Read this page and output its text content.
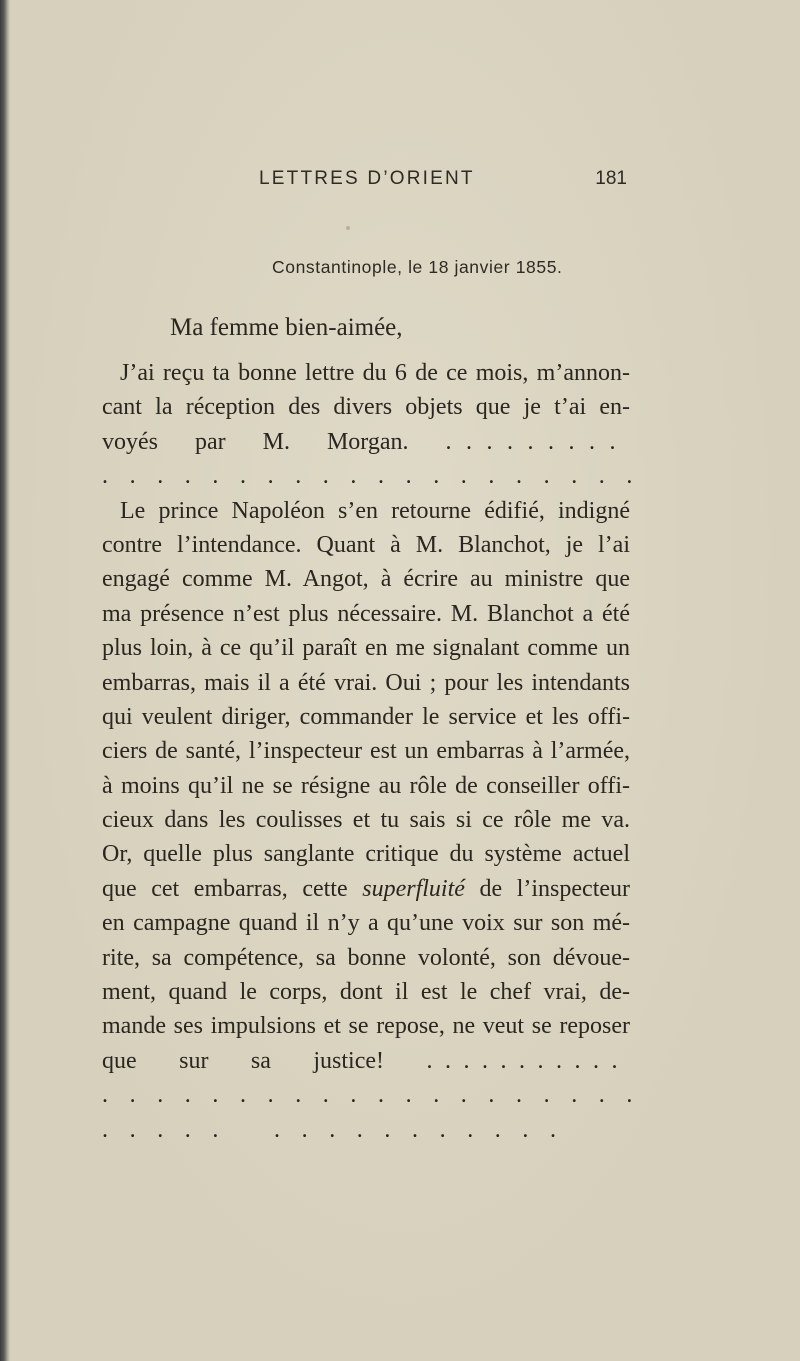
LETTRES D’ORIENT	181
Constantinople, le 18 janvier 1855.
Ma femme bien-aimée,
J’ai reçu ta bonne lettre du 6 de ce mois, m’annon-
cant la réception des divers objets que je t’ai en-
voyés par M. Morgan. .........
....................
Le prince Napoléon s’en retourne édifié, indigné
contre l’intendance. Quant à M. Blanchot, je l’ai
engagé comme M. Angot, à écrire au ministre que
ma présence n’est plus nécessaire. M. Blanchot a été
plus loin, à ce qu’il paraît en me signalant comme un
embarras, mais il a été vrai. Oui ; pour les intendants
qui veulent diriger, commander le service et les offi-
ciers de santé, l’inspecteur est un embarras à l’armée,
à moins qu’il ne se résigne au rôle de conseiller offi-
cieux dans les coulisses et tu sais si ce rôle me va.
Or, quelle plus sanglante critique du système actuel
que cet embarras, cette superfluité de l’inspecteur
en campagne quand il n’y a qu’une voix sur son mé-
rite, sa compétence, sa bonne volonté, son dévoue-
ment, quand le corps, dont il est le chef vrai, de-
mande ses impulsions et se repose, ne veut se reposer
que sur sa justice! ...........
....................
..... ...........
